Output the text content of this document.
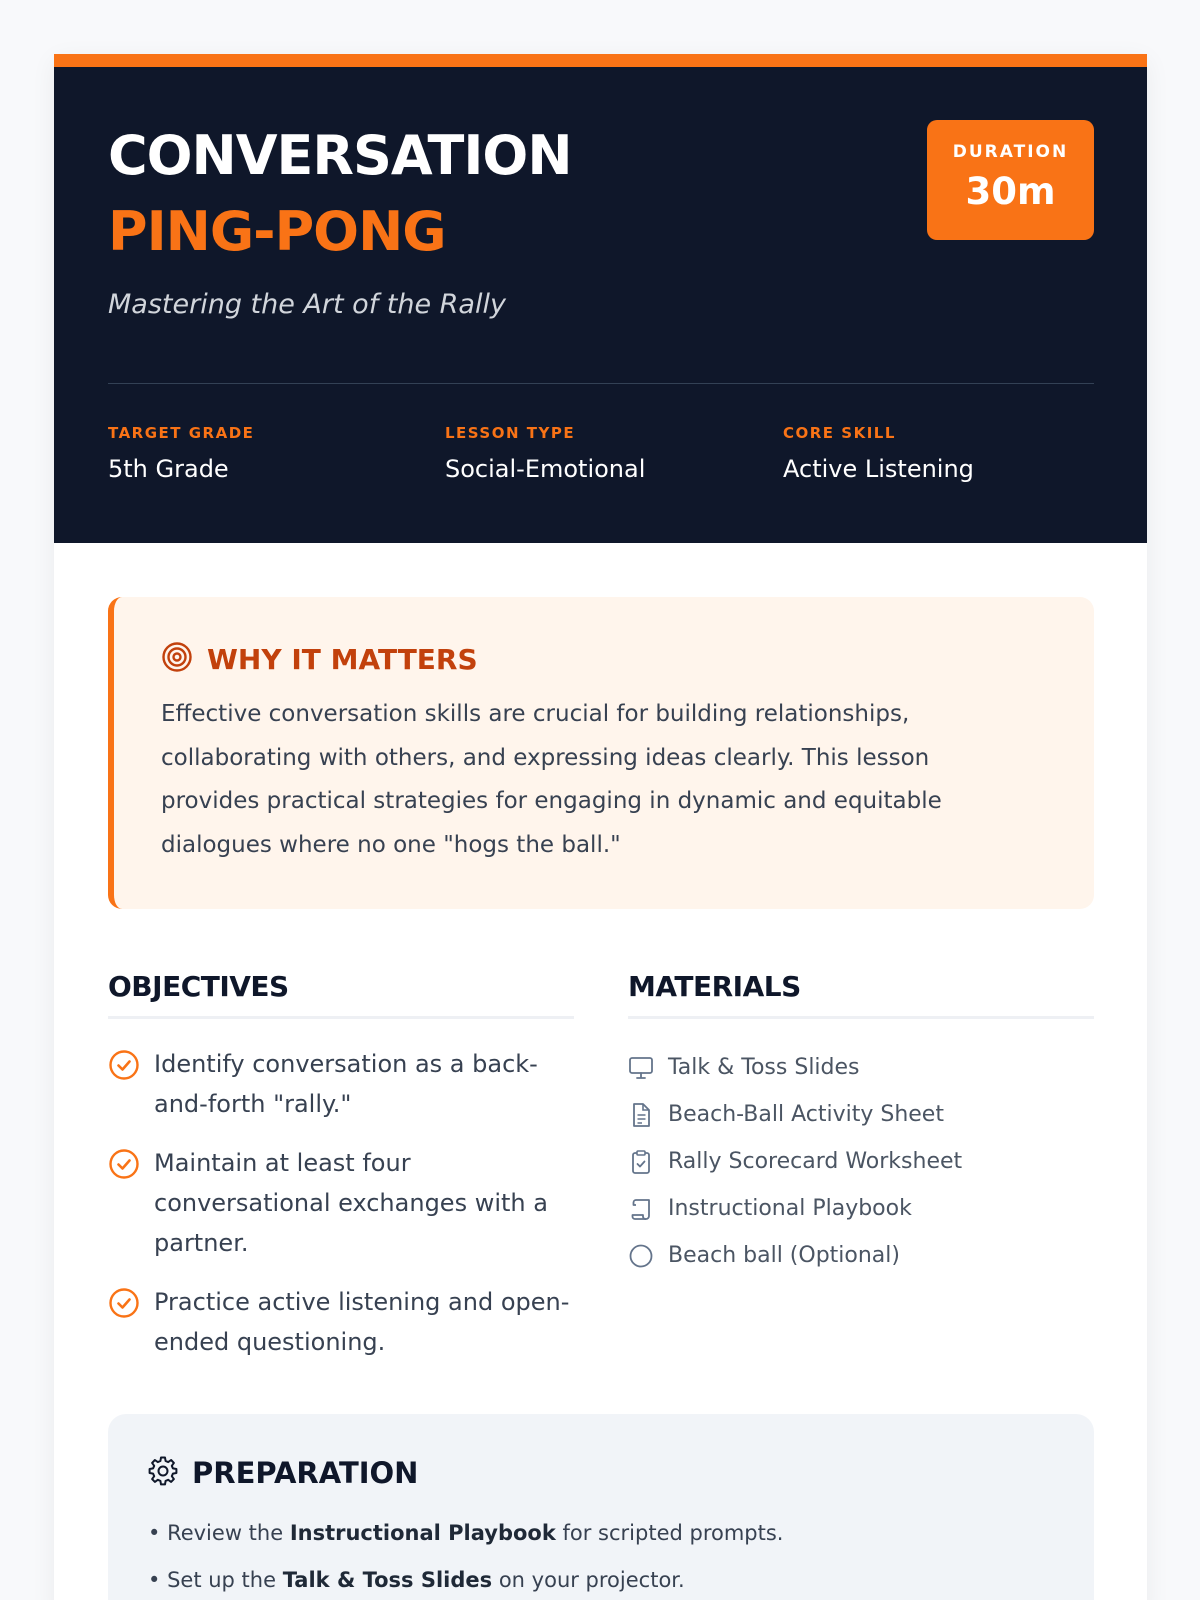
CONVERSATION
PING-PONG
Mastering the Art of the Rally
DURATION
30m
TARGET GRADE
5th Grade
LESSON TYPE
Social-Emotional
CORE SKILL
Active Listening
WHY IT MATTERS
Effective conversation skills are crucial for building relationships, collaborating with others, and expressing ideas clearly. This lesson provides practical strategies for engaging in dynamic and equitable dialogues where no one "hogs the ball."
OBJECTIVES	MATERIALS
Identify conversation as a back-and-forth "rally."
Maintain at least four conversational exchanges with a partner.
Practice active listening and open-ended questioning.
Talk & Toss Slides
Beach-Ball Activity Sheet
Rally Scorecard Worksheet
Instructional Playbook
Beach ball (Optional)
PREPARATION
• Review the Instructional Playbook for scripted prompts.
• Set up the Talk & Toss Slides on your projector.
